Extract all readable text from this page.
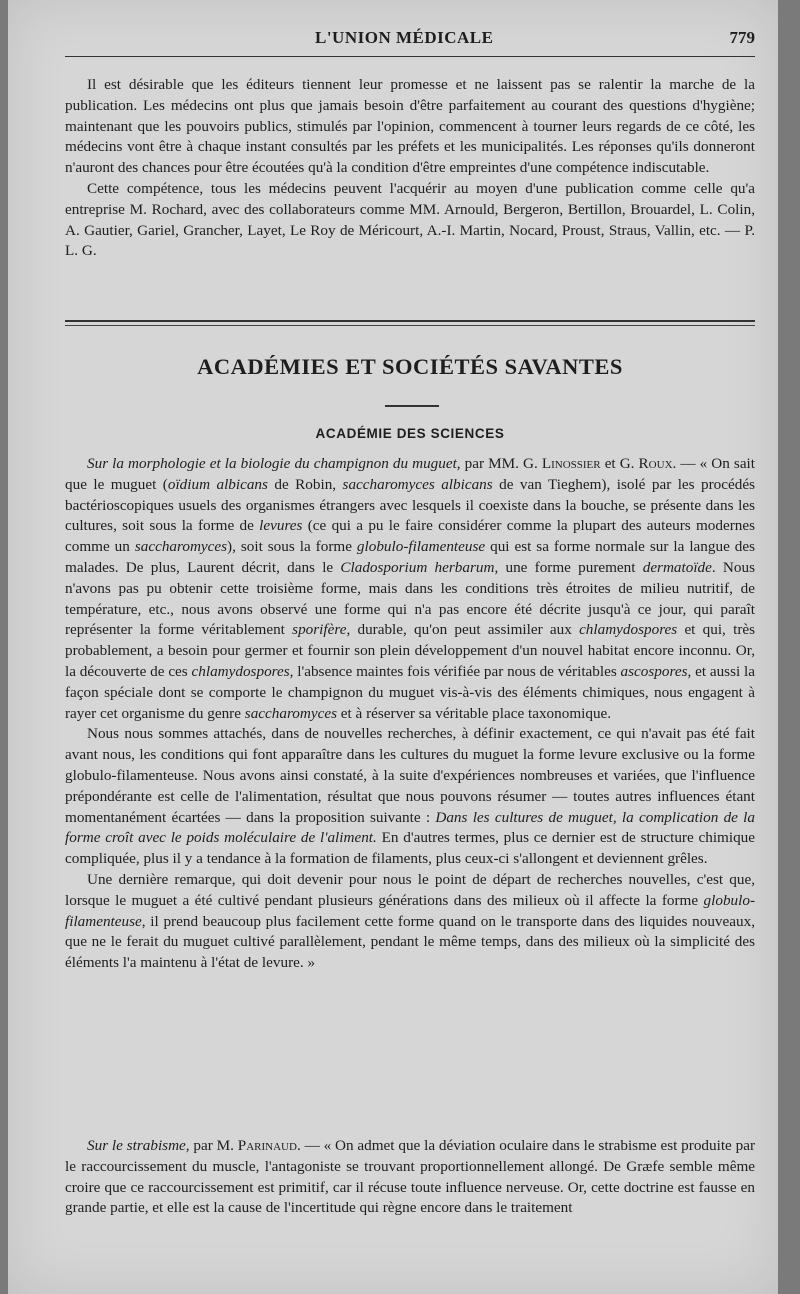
L'UNION MÉDICALE	779

Il est désirable que les éditeurs tiennent leur promesse et ne laissent pas se ralentir la marche de la publication. Les médecins ont plus que jamais besoin d'être parfaitement au courant des questions d'hygiène; maintenant que les pouvoirs publics, stimulés par l'opinion, commencent à tourner leurs regards de ce côté, les médecins vont être à chaque instant consultés par les préfets et les municipalités. Les réponses qu'ils donneront n'auront des chances pour être écoutées qu'à la condition d'être empreintes d'une compétence indiscutable.

Cette compétence, tous les médecins peuvent l'acquérir au moyen d'une publication comme celle qu'a entreprise M. Rochard, avec des collaborateurs comme MM. Arnould, Bergeron, Bertillon, Brouardel, L. Colin, A. Gautier, Gariel, Grancher, Layet, Le Roy de Méricourt, A.-I. Martin, Nocard, Proust, Straus, Vallin, etc. — P. L. G.

ACADÉMIES ET SOCIÉTÉS SAVANTES
ACADÉMIE DES SCIENCES

Sur la morphologie et la biologie du champignon du muguet, par MM. G. Linossier et G. Roux. — « On sait que le muguet (oïdium albicans de Robin, saccharomyces albicans de van Tieghem), isolé par les procédés bactérioscopiques usuels des organismes étrangers avec lesquels il coexiste dans la bouche, se présente dans les cultures, soit sous la forme de levures (ce qui a pu le faire considérer comme la plupart des auteurs modernes comme un saccharomyces), soit sous la forme globulo-filamenteuse qui est sa forme normale sur la langue des malades. De plus, Laurent décrit, dans le Cladosporium herbarum, une forme purement dermatoïde. Nous n'avons pas pu obtenir cette troisième forme, mais dans les conditions très étroites de milieu nutritif, de température, etc., nous avons observé une forme qui n'a pas encore été décrite jusqu'à ce jour, qui paraît représenter la forme véritablement sporifère, durable, qu'on peut assimiler aux chlamydospores et qui, très probablement, a besoin pour germer et fournir son plein développement d'un nouvel habitat encore inconnu. Or, la découverte de ces chlamydospores, l'absence maintes fois vérifiée par nous de véritables ascospores, et aussi la façon spéciale dont se comporte le champignon du muguet vis-à-vis des éléments chimiques, nous engagent à rayer cet organisme du genre saccharomyces et à réserver sa véritable place taxonomique.

Nous nous sommes attachés, dans de nouvelles recherches, à définir exactement, ce qui n'avait pas été fait avant nous, les conditions qui font apparaître dans les cultures du muguet la forme levure exclusive ou la forme globulo-filamenteuse. Nous avons ainsi constaté, à la suite d'expériences nombreuses et variées, que l'influence prépondérante est celle de l'alimentation, résultat que nous pouvons résumer — toutes autres influences étant momentanément écartées — dans la proposition suivante : Dans les cultures de muguet, la complication de la forme croît avec le poids moléculaire de l'aliment. En d'autres termes, plus ce dernier est de structure chimique compliquée, plus il y a tendance à la formation de filaments, plus ceux-ci s'allongent et deviennent grêles.

Une dernière remarque, qui doit devenir pour nous le point de départ de recherches nouvelles, c'est que, lorsque le muguet a été cultivé pendant plusieurs générations dans des milieux où il affecte la forme globulo-filamenteuse, il prend beaucoup plus facilement cette forme quand on le transporte dans des liquides nouveaux, que ne le ferait du muguet cultivé parallèlement, pendant le même temps, dans des milieux où la simplicité des éléments l'a maintenu à l'état de levure. »

Sur le strabisme, par M. Parinaud. — « On admet que la déviation oculaire dans le strabisme est produite par le raccourcissement du muscle, l'antagoniste se trouvant proportionnellement allongé. De Græfe semble même croire que ce raccourcissement est primitif, car il récuse toute influence nerveuse. Or, cette doctrine est fausse en grande partie, et elle est la cause de l'incertitude qui règne encore dans le traitement
